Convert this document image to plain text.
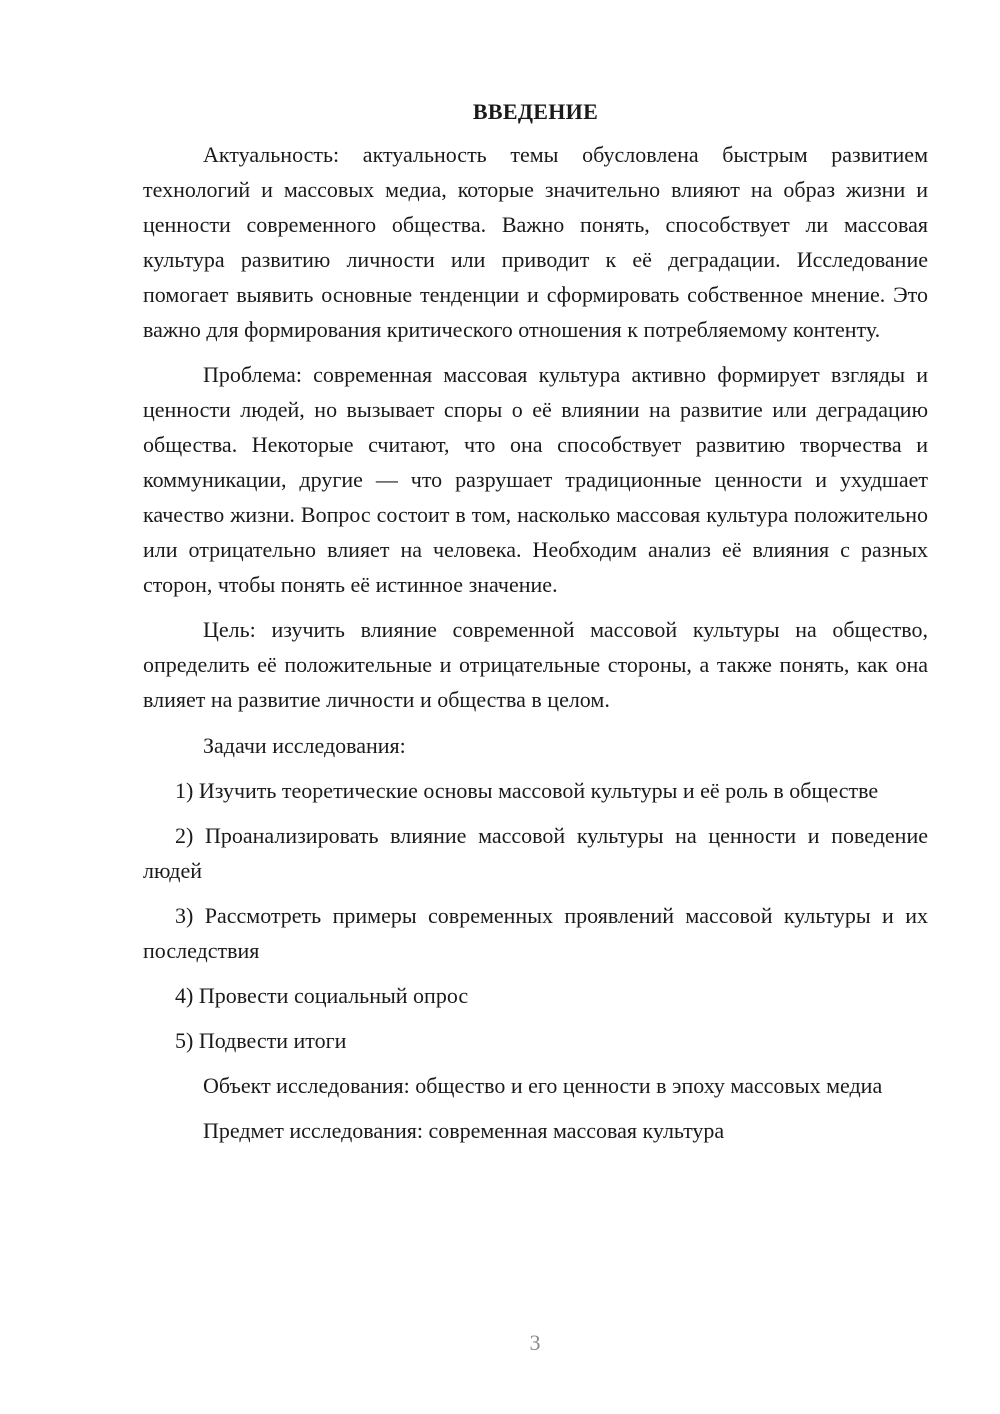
ВВЕДЕНИЕ

Актуальность: актуальность темы обусловлена быстрым развитием технологий и массовых медиа, которые значительно влияют на образ жизни и ценности современного общества. Важно понять, способствует ли массовая культура развитию личности или приводит к её деградации. Исследование помогает выявить основные тенденции и сформировать собственное мнение. Это важно для формирования критического отношения к потребляемому контенту.

Проблема: современная массовая культура активно формирует взгляды и ценности людей, но вызывает споры о её влиянии на развитие или деградацию общества. Некоторые считают, что она способствует развитию творчества и коммуникации, другие — что разрушает традиционные ценности и ухудшает качество жизни. Вопрос состоит в том, насколько массовая культура положительно или отрицательно влияет на человека. Необходим анализ её влияния с разных сторон, чтобы понять её истинное значение.

Цель: изучить влияние современной массовой культуры на общество, определить её положительные и отрицательные стороны, а также понять, как она влияет на развитие личности и общества в целом.

Задачи исследования:

1) Изучить теоретические основы массовой культуры и её роль в обществе

2) Проанализировать влияние массовой культуры на ценности и поведение людей

3) Рассмотреть примеры современных проявлений массовой культуры и их последствия

4) Провести социальный опрос

5) Подвести итоги

Объект исследования: общество и его ценности в эпоху массовых медиа

Предмет исследования: современная массовая культура

3
